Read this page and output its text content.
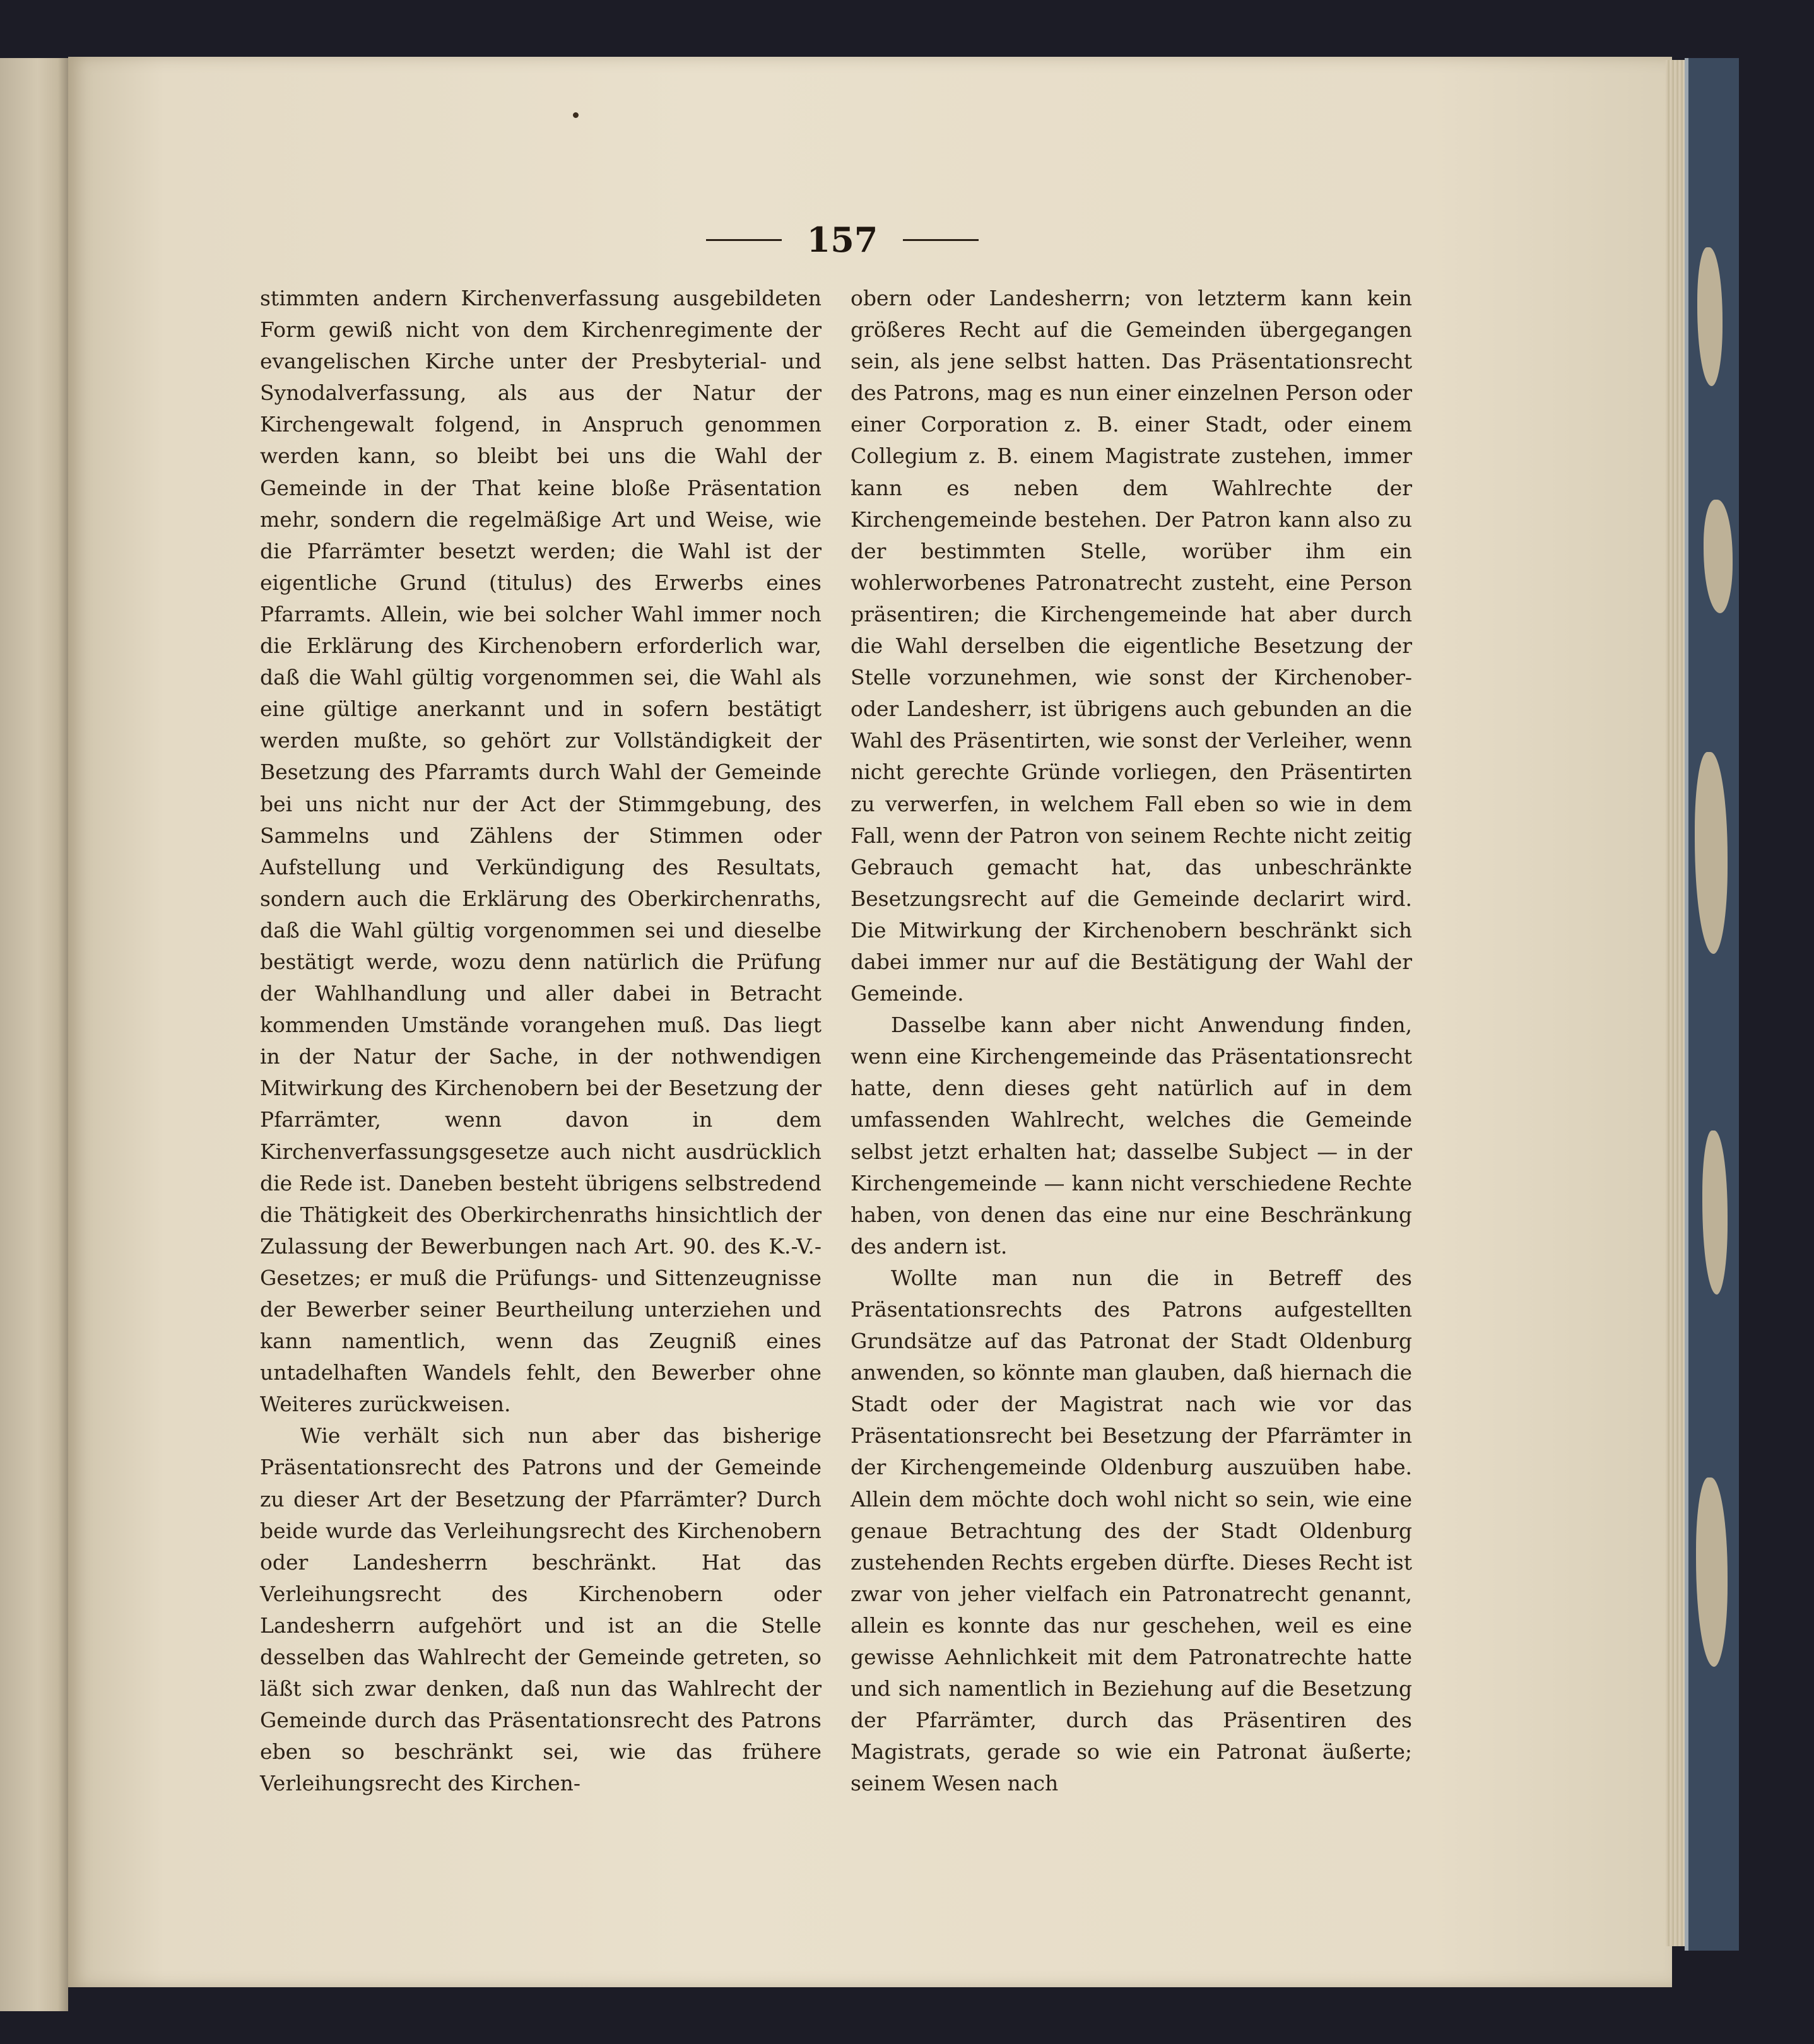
157

stimmten andern Kirchenverfassung ausgebildeten Form gewiß nicht von dem Kirchenregimente der evangelischen Kirche unter der Presbyterial- und Synodalverfassung, als aus der Natur der Kirchengewalt folgend, in Anspruch genommen werden kann, so bleibt bei uns die Wahl der Gemeinde in der That keine bloße Präsentation mehr, sondern die regelmäßige Art und Weise, wie die Pfarrämter besetzt werden; die Wahl ist der eigentliche Grund (titulus) des Erwerbs eines Pfarramts. Allein, wie bei solcher Wahl immer noch die Erklärung des Kirchenobern erforderlich war, daß die Wahl gültig vorgenommen sei, die Wahl als eine gültige anerkannt und in sofern bestätigt werden mußte, so gehört zur Vollständigkeit der Besetzung des Pfarramts durch Wahl der Gemeinde bei uns nicht nur der Act der Stimmgebung, des Sammelns und Zählens der Stimmen oder Aufstellung und Verkündigung des Resultats, sondern auch die Erklärung des Oberkirchenraths, daß die Wahl gültig vorgenommen sei und dieselbe bestätigt werde, wozu denn natürlich die Prüfung der Wahlhandlung und aller dabei in Betracht kommenden Umstände vorangehen muß. Das liegt in der Natur der Sache, in der nothwendigen Mitwirkung des Kirchenobern bei der Besetzung der Pfarrämter, wenn davon in dem Kirchenverfassungsgesetze auch nicht ausdrücklich die Rede ist. Daneben besteht übrigens selbstredend die Thätigkeit des Oberkirchenraths hinsichtlich der Zulassung der Bewerbungen nach Art. 90. des K.-V.-Gesetzes; er muß die Prüfungs- und Sittenzeugnisse der Bewerber seiner Beurtheilung unterziehen und kann namentlich, wenn das Zeugniß eines untadelhaften Wandels fehlt, den Bewerber ohne Weiteres zurückweisen.

Wie verhält sich nun aber das bisherige Präsentationsrecht des Patrons und der Gemeinde zu dieser Art der Besetzung der Pfarrämter? Durch beide wurde das Verleihungsrecht des Kirchenobern oder Landesherrn beschränkt. Hat das Verleihungsrecht des Kirchenobern oder Landesherrn aufgehört und ist an die Stelle desselben das Wahlrecht der Gemeinde getreten, so läßt sich zwar denken, daß nun das Wahlrecht der Gemeinde durch das Präsentationsrecht des Patrons eben so beschränkt sei, wie das frühere Verleihungsrecht des Kirchen-

obern oder Landesherrn; von letzterm kann kein größeres Recht auf die Gemeinden übergegangen sein, als jene selbst hatten. Das Präsentationsrecht des Patrons, mag es nun einer einzelnen Person oder einer Corporation z. B. einer Stadt, oder einem Collegium z. B. einem Magistrate zustehen, immer kann es neben dem Wahlrechte der Kirchengemeinde bestehen. Der Patron kann also zu der bestimmten Stelle, worüber ihm ein wohlerworbenes Patronatrecht zusteht, eine Person präsentiren; die Kirchengemeinde hat aber durch die Wahl derselben die eigentliche Besetzung der Stelle vorzunehmen, wie sonst der Kirchenober- oder Landesherr, ist übrigens auch gebunden an die Wahl des Präsentirten, wie sonst der Verleiher, wenn nicht gerechte Gründe vorliegen, den Präsentirten zu verwerfen, in welchem Fall eben so wie in dem Fall, wenn der Patron von seinem Rechte nicht zeitig Gebrauch gemacht hat, das unbeschränkte Besetzungsrecht auf die Gemeinde declarirt wird. Die Mitwirkung der Kirchenobern beschränkt sich dabei immer nur auf die Bestätigung der Wahl der Gemeinde.

Dasselbe kann aber nicht Anwendung finden, wenn eine Kirchengemeinde das Präsentationsrecht hatte, denn dieses geht natürlich auf in dem umfassenden Wahlrecht, welches die Gemeinde selbst jetzt erhalten hat; dasselbe Subject — in der Kirchengemeinde — kann nicht verschiedene Rechte haben, von denen das eine nur eine Beschränkung des andern ist.

Wollte man nun die in Betreff des Präsentationsrechts des Patrons aufgestellten Grundsätze auf das Patronat der Stadt Oldenburg anwenden, so könnte man glauben, daß hiernach die Stadt oder der Magistrat nach wie vor das Präsentationsrecht bei Besetzung der Pfarrämter in der Kirchengemeinde Oldenburg auszuüben habe. Allein dem möchte doch wohl nicht so sein, wie eine genaue Betrachtung des der Stadt Oldenburg zustehenden Rechts ergeben dürfte. Dieses Recht ist zwar von jeher vielfach ein Patronatrecht genannt, allein es konnte das nur geschehen, weil es eine gewisse Aehnlichkeit mit dem Patronatrechte hatte und sich namentlich in Beziehung auf die Besetzung der Pfarrämter, durch das Präsentiren des Magistrats, gerade so wie ein Patronat äußerte; seinem Wesen nach
